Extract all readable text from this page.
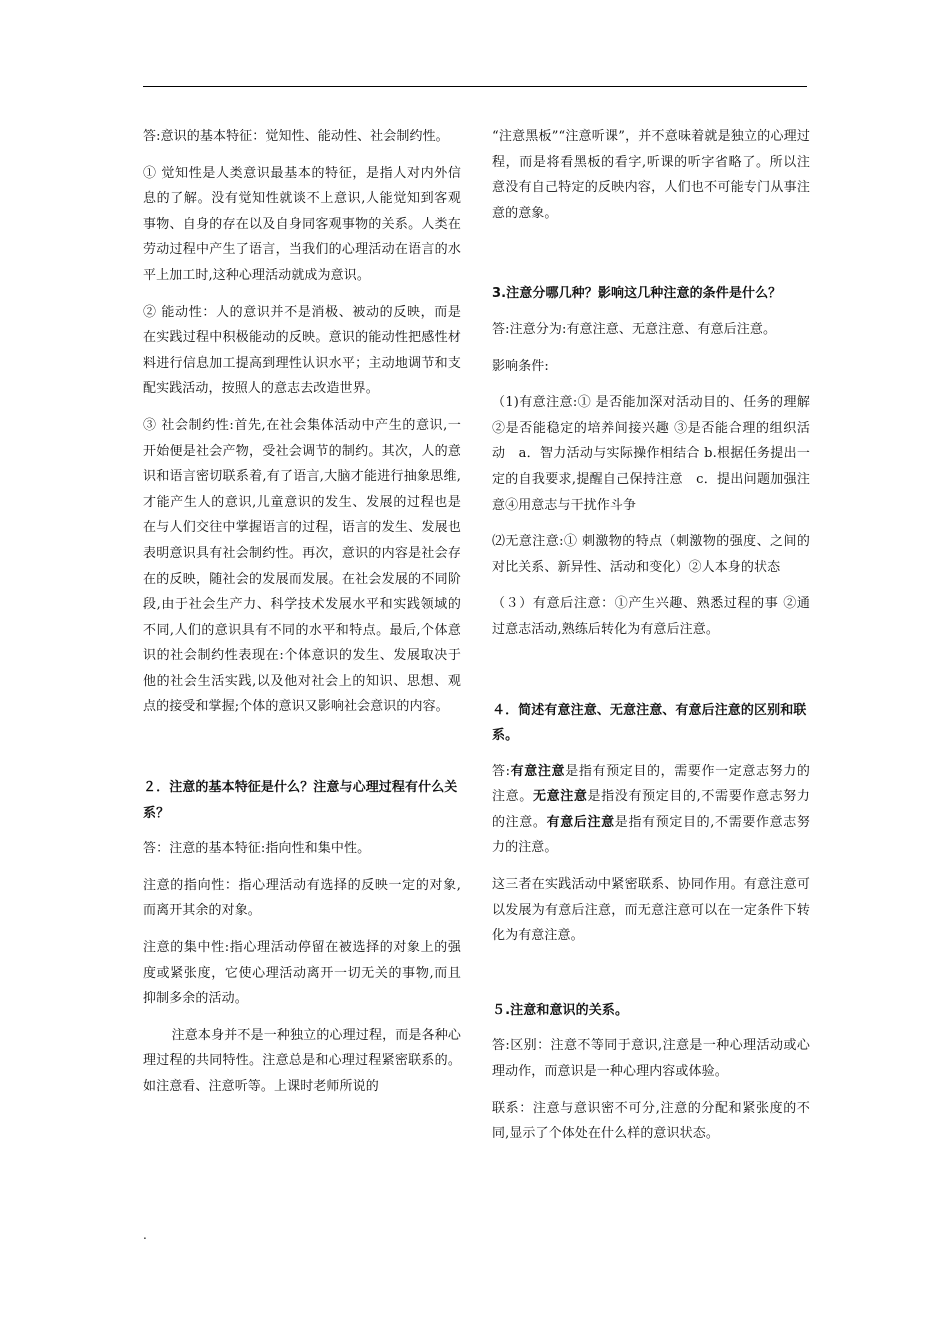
答:意识的基本特征：觉知性、能动性、社会制约性。

① 觉知性是人类意识最基本的特征，是指人对内外信息的了解。没有觉知性就谈不上意识,人能觉知到客观事物、自身的存在以及自身同客观事物的关系。人类在劳动过程中产生了语言，当我们的心理活动在语言的水平上加工时,这种心理活动就成为意识。

② 能动性：人的意识并不是消极、被动的反映，而是在实践过程中积极能动的反映。意识的能动性把感性材料进行信息加工提高到理性认识水平；主动地调节和支配实践活动，按照人的意志去改造世界。

③ 社会制约性:首先,在社会集体活动中产生的意识,一开始便是社会产物，受社会调节的制约。其次，人的意识和语言密切联系着,有了语言,大脑才能进行抽象思维,才能产生人的意识,儿童意识的发生、发展的过程也是在与人们交往中掌握语言的过程，语言的发生、发展也表明意识具有社会制约性。再次，意识的内容是社会存在的反映，随社会的发展而发展。在社会发展的不同阶段,由于社会生产力、科学技术发展水平和实践领域的不同,人们的意识具有不同的水平和特点。最后,个体意识的社会制约性表现在:个体意识的发生、发展取决于他的社会生活实践,以及他对社会上的知识、思想、观点的接受和掌握;个体的意识又影响社会意识的内容。

２．注意的基本特征是什么？注意与心理过程有什么关系？

答：注意的基本特征:指向性和集中性。

注意的指向性：指心理活动有选择的反映一定的对象,而离开其余的对象。

注意的集中性:指心理活动停留在被选择的对象上的强度或紧张度，它使心理活动离开一切无关的事物,而且抑制多余的活动。

注意本身并不是一种独立的心理过程，而是各种心理过程的共同特性。注意总是和心理过程紧密联系的。如注意看、注意听等。上课时老师所说的

“注意黑板”“注意听课”，并不意味着就是独立的心理过程，而是将看黑板的看字,听课的听字省略了。所以注意没有自己特定的反映内容，人们也不可能专门从事注意的意象。

3.注意分哪几种？影响这几种注意的条件是什么？

答:注意分为:有意注意、无意注意、有意后注意。

影响条件:

（1)有意注意:① 是否能加深对活动目的、任务的理解②是否能稳定的培养间接兴趣 ③是否能合理的组织活动　a．智力活动与实际操作相结合 b.根据任务提出一定的自我要求,提醒自己保持注意　c．提出问题加强注意④用意志与干扰作斗争

⑵无意注意:① 刺激物的特点（刺激物的强度、之间的对比关系、新异性、活动和变化）②人本身的状态

（３）有意后注意：①产生兴趣、熟悉过程的事 ②通过意志活动,熟练后转化为有意后注意。

４．简述有意注意、无意注意、有意后注意的区别和联系。

答:有意注意是指有预定目的，需要作一定意志努力的注意。无意注意是指没有预定目的,不需要作意志努力的注意。有意后注意是指有预定目的,不需要作意志努力的注意。

这三者在实践活动中紧密联系、协同作用。有意注意可以发展为有意后注意，而无意注意可以在一定条件下转化为有意注意。

５.注意和意识的关系。

答:区别：注意不等同于意识,注意是一种心理活动或心理动作，而意识是一种心理内容或体验。

联系：注意与意识密不可分,注意的分配和紧张度的不同,显示了个体处在什么样的意识状态。

.
